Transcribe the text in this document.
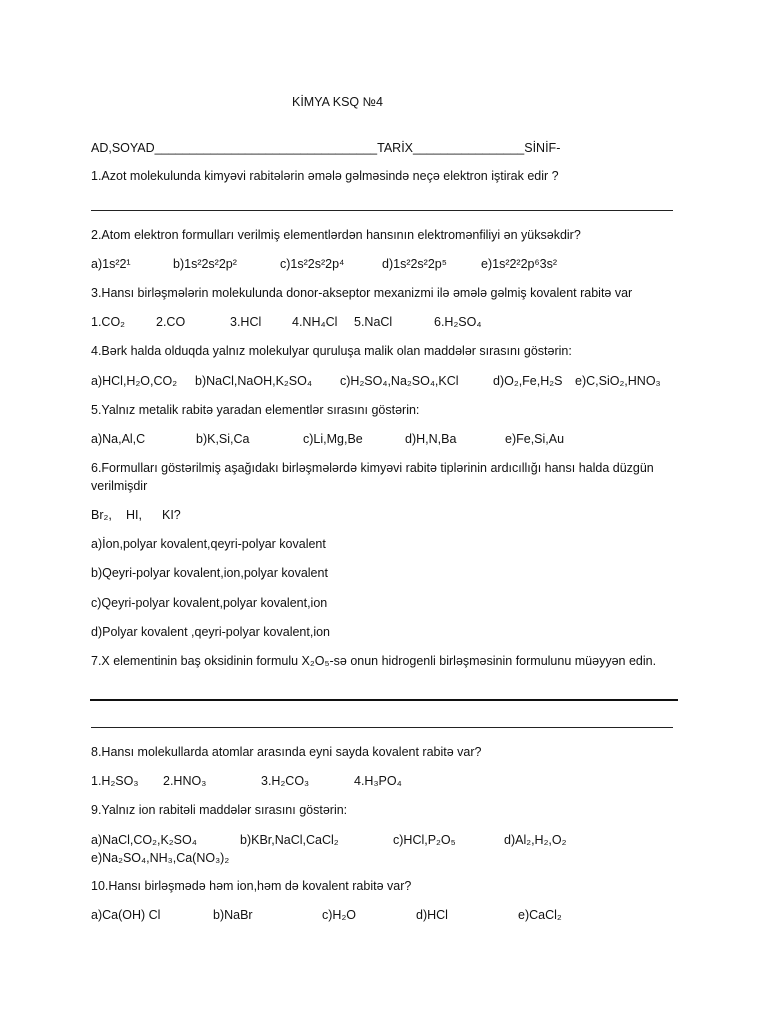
KİMYA KSQ №4
AD,SOYAD________________________________TARİX________________SİNİF-
1.Azot molekulunda kimyəvi rabitələrin əmələ gəlməsində neçə elektron iştirak edir ?
2.Atom elektron formulları verilmiş elementlərdən hansının elektromənfiliyi ən yüksəkdir?
a)1s²2¹	b)1s²2s²2p²	c)1s²2s²2p⁴	d)1s²2s²2p⁵	e)1s²2²2p⁶3s²
3.Hansı birləşmələrin molekulunda donor-akseptor mexanizmi ilə əmələ gəlmiş kovalent rabitə var
1.CO₂ 2.CO	3.HCl 4.NH₄Cl 5.NaCl	6.H₂SO₄
4.Bərk halda olduqda yalnız molekulyar quruluşa malik olan maddələr sırasını göstərin:
a)HCl,H₂O,CO₂ b)NaCl,NaOH,K₂SO₄ c)H₂SO₄,Na₂SO₄,KCl	d)O₂,Fe,H₂S e)C,SiO₂,HNO₃
5.Yalnız metalik rabitə yaradan elementlər sırasını göstərin:
a)Na,Al,C	b)K,Si,Ca	c)Li,Mg,Be	d)H,N,Ba	e)Fe,Si,Au
6.Formulları göstərilmiş aşağıdakı birləşmələrdə kimyəvi rabitə tiplərinin ardıcıllığı hansı halda düzgün
verilmişdir
Br₂, HI, KI?
a)İon,polyar kovalent,qeyri-polyar kovalent
b)Qeyri-polyar kovalent,ion,polyar kovalent
c)Qeyri-polyar kovalent,polyar kovalent,ion
d)Polyar kovalent ,qeyri-polyar kovalent,ion
7.X elementinin baş oksidinin formulu X₂O₅-sə onun hidrogenli birləşməsinin formulunu müəyyən edin.
8.Hansı molekullarda atomlar arasında eyni sayda kovalent rabitə var?
1.H₂SO₃ 2.HNO₃	3.H₂CO₃	4.H₃PO₄
9.Yalnız ion rabitəli maddələr sırasını göstərin:
a)NaCl,CO₂,K₂SO₄	b)KBr,NaCl,CaCl₂	c)HCl,P₂O₅	d)Al₂,H₂,O₂
e)Na₂SO₄,NH₃,Ca(NO₃)₂
10.Hansı birləşmədə həm ion,həm də kovalent rabitə var?
a)Ca(OH) Cl	b)NaBr	c)H₂O	d)HCl	e)CaCl₂
